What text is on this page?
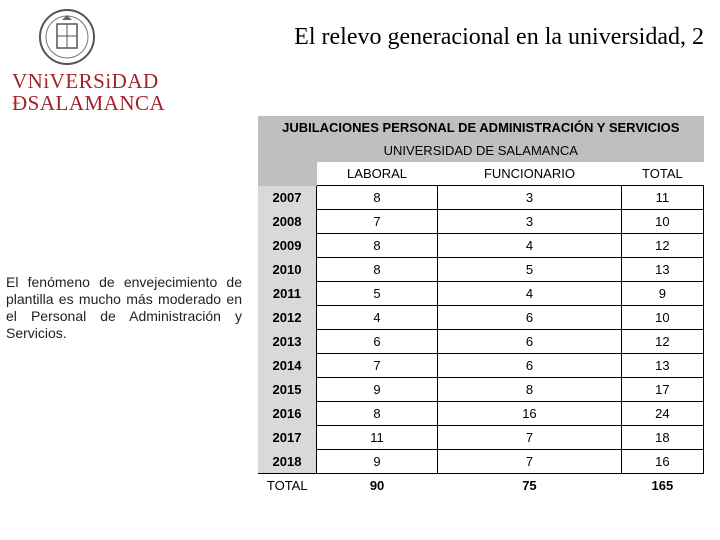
VNiVERSiDAD
ÐSALAMANCA
El relevo generacional en la universidad, 2
El fenómeno de envejecimiento de plantilla es mucho más moderado en el Personal de Administración y Servicios.
JUBILACIONES PERSONAL DE ADMINISTRACIÓN Y SERVICIOS			
UNIVERSIDAD DE SALAMANCA			
	LABORAL	FUNCIONARIO	TOTAL
2007	8	3	11
2008	7	3	10
2009	8	4	12
2010	8	5	13
2011	5	4	9
2012	4	6	10
2013	6	6	12
2014	7	6	13
2015	9	8	17
2016	8	16	24
2017	11	7	18
2018	9	7	16
TOTAL	90	75	165
